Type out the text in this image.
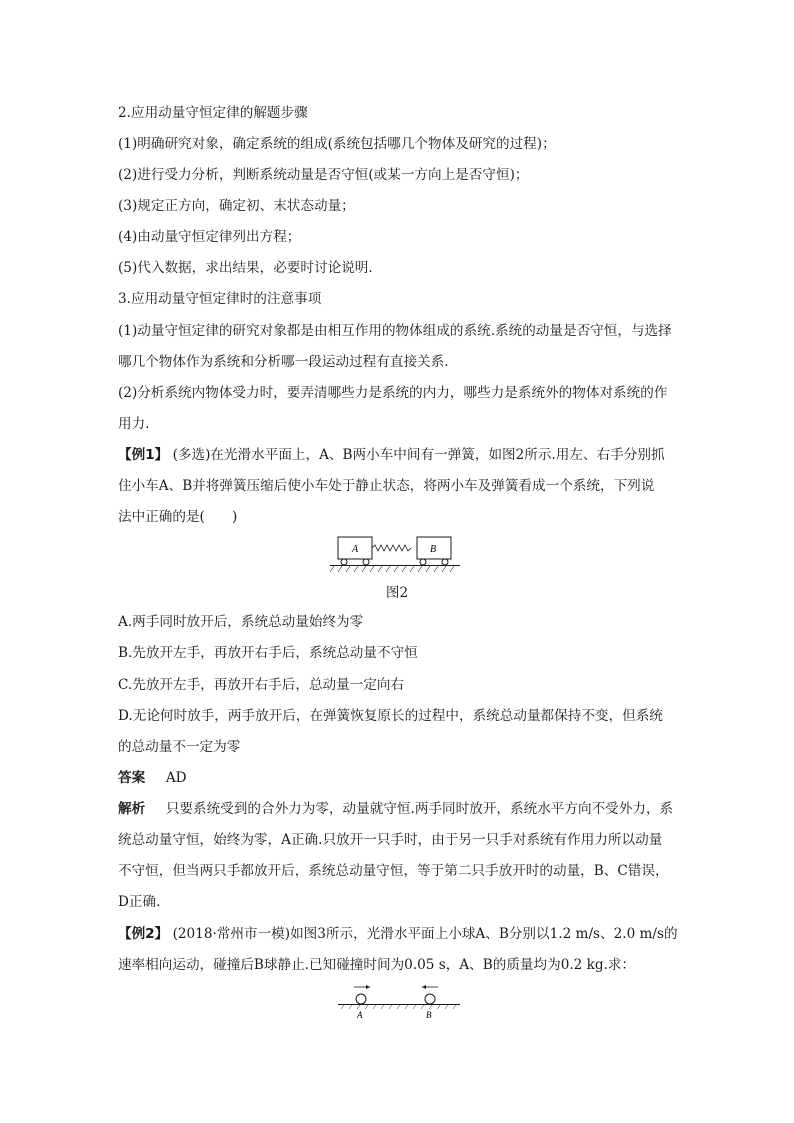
2.应用动量守恒定律的解题步骤
(1)明确研究对象，确定系统的组成(系统包括哪几个物体及研究的过程)；
(2)进行受力分析，判断系统动量是否守恒(或某一方向上是否守恒)；
(3)规定正方向，确定初、末状态动量；
(4)由动量守恒定律列出方程；
(5)代入数据，求出结果，必要时讨论说明.
3.应用动量守恒定律时的注意事项
(1)动量守恒定律的研究对象都是由相互作用的物体组成的系统.系统的动量是否守恒，与选择
哪几个物体作为系统和分析哪一段运动过程有直接关系.
(2)分析系统内物体受力时，要弄清哪些力是系统的内力，哪些力是系统外的物体对系统的作
用力.
【例1】 (多选)在光滑水平面上，A、B两小车中间有一弹簧，如图2所示.用左、右手分别抓
住小车A、B并将弹簧压缩后使小车处于静止状态，将两小车及弹簧看成一个系统，下列说
法中正确的是(　　)
A	B
图2
A.两手同时放开后，系统总动量始终为零
B.先放开左手，再放开右手后，系统总动量不守恒
C.先放开左手，再放开右手后，总动量一定向右
D.无论何时放手，两手放开后，在弹簧恢复原长的过程中，系统总动量都保持不变，但系统
的总动量不一定为零
答案 AD
解析 只要系统受到的合外力为零，动量就守恒.两手同时放开，系统水平方向不受外力，系
统总动量守恒，始终为零，A正确.只放开一只手时，由于另一只手对系统有作用力所以动量
不守恒，但当两只手都放开后，系统总动量守恒，等于第二只手放开时的动量，B、C错误，
D正确.
【例2】 (2018·常州市一模)如图3所示，光滑水平面上小球A、B分别以1.2 m/s、2.0 m/s的
速率相向运动，碰撞后B球静止.已知碰撞时间为0.05 s，A、B的质量均为0.2 kg.求：
A	B
